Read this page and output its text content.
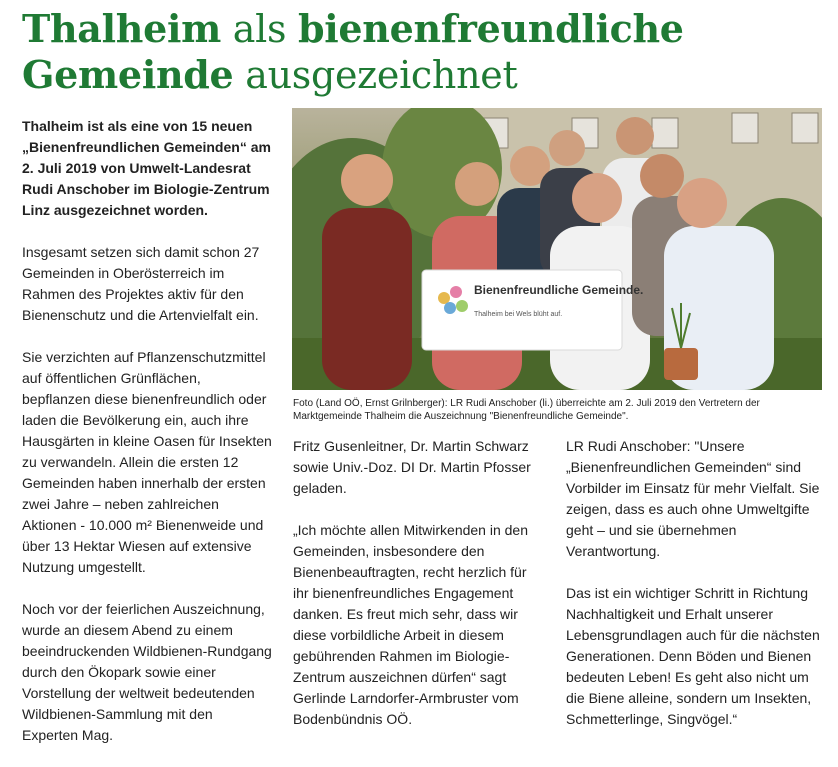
Thalheim als bienenfreundliche
Gemeinde ausgezeichnet

Thalheim ist als eine von 15 neuen „Bienenfreundlichen Gemeinden“ am 2. Juli 2019 von Umwelt-Landesrat Rudi Anschober im Biologie-Zentrum Linz ausgezeichnet worden.

Insgesamt setzen sich damit schon 27 Gemeinden in Oberösterreich im Rahmen des Projektes aktiv für den Bienenschutz und die Artenvielfalt ein.

Sie verzichten auf Pflanzenschutzmittel auf öffentlichen Grünflächen, bepflanzen diese bienenfreundlich oder laden die Bevölkerung ein, auch ihre Hausgärten in kleine Oasen für Insekten zu verwandeln. Allein die ersten 12 Gemeinden haben innerhalb der ersten zwei Jahre – neben zahlreichen Aktionen - 10.000 m² Bienenweide und über 13 Hektar Wiesen auf extensive Nutzung umgestellt.

Noch vor der feierlichen Auszeichnung, wurde an diesem Abend zu einem beeindruckenden Wildbienen-Rundgang durch den Ökopark sowie einer Vorstellung der weltweit bedeutenden Wildbienen-Sammlung mit den Experten Mag.

Bienenfreundliche Gemeinde.
Thalheim bei Wels blüht auf.
Foto (Land OÖ, Ernst Grilnberger): LR Rudi Anschober (li.) überreichte am 2. Juli 2019 den Vertretern der Marktgemeinde Thalheim die Auszeichnung "Bienenfreundliche Gemeinde".

Fritz Gusenleitner, Dr. Martin Schwarz sowie Univ.-Doz. DI Dr. Martin Pfosser geladen.

„Ich möchte allen Mitwirkenden in den Gemeinden, insbesondere den Bienenbeauftragten, recht herzlich für ihr bienenfreundliches Engagement danken. Es freut mich sehr, dass wir diese vorbildliche Arbeit in diesem gebührenden Rahmen im Biologie-Zentrum auszeichnen dürfen“ sagt Gerlinde Larndorfer-Armbruster vom Bodenbündnis OÖ.

LR Rudi Anschober: "Unsere „Bienenfreundlichen Gemeinden“ sind Vorbilder im Einsatz für mehr Vielfalt. Sie zeigen, dass es auch ohne Umweltgifte geht – und sie übernehmen Verantwortung.

Das ist ein wichtiger Schritt in Richtung Nachhaltigkeit und Erhalt unserer Lebensgrundlagen auch für die nächsten Generationen. Denn Böden und Bienen bedeuten Leben! Es geht also nicht um die Biene alleine, sondern um Insekten, Schmetterlinge, Singvögel.“
